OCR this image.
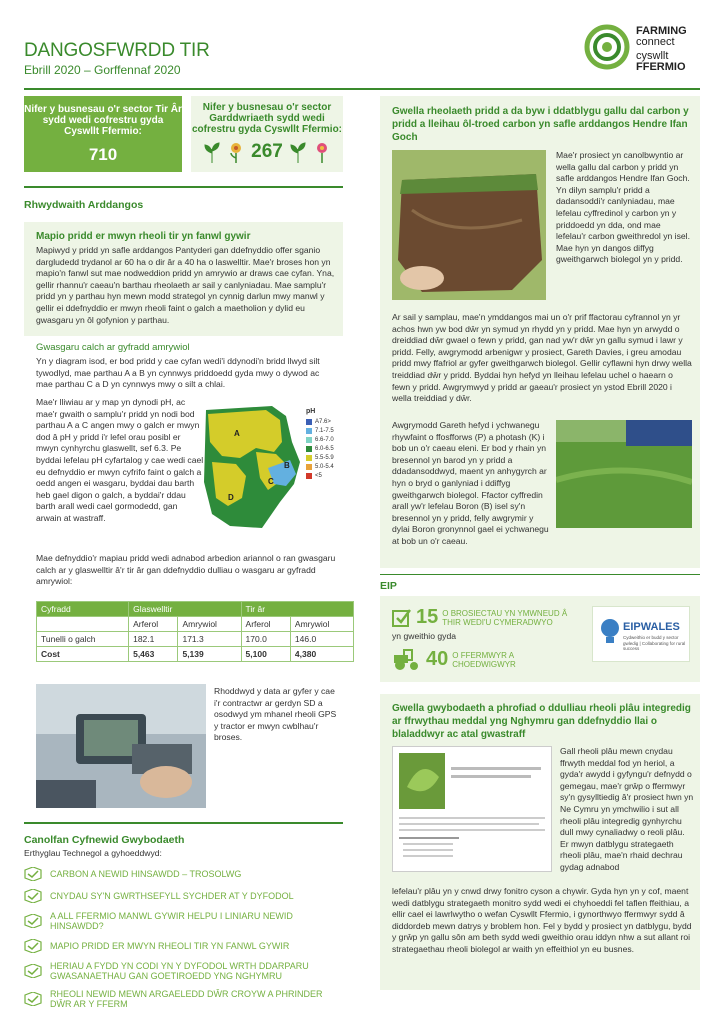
DANGOSFWRDD TIR
Ebrill 2020 – Gorffennaf 2020
FARMING
connect
cyswllt
FFERMIO
Nifer y busnesau o'r sector Tir Âr sydd wedi cofrestru gyda Cyswllt Ffermio:
710
Nifer y busnesau o'r sector Garddwriaeth sydd wedi cofrestru gyda Cyswllt Ffermio:
267
Rhwydwaith Arddangos
Mapio pridd er mwyn rheoli tir yn fanwl gywir
Mapiwyd y pridd yn safle arddangos Pantyderi gan ddefnyddio offer sganio dargludedd trydanol ar 60 ha o dir âr a 40 ha o laswelltir. Mae'r broses hon yn mapio'n fanwl sut mae nodweddion pridd yn amrywio ar draws cae cyfan. Yna, gellir rhannu'r caeau'n barthau rheolaeth ar sail y canlyniadau. Mae samplu'r pridd yn y parthau hyn mewn modd strategol yn cynnig darlun mwy manwl y gellir ei ddefnyddio er mwyn rheoli faint o galch a maetholion y dylid eu gwasgaru yn ôl gofynion y parthau.
Gwasgaru calch ar gyfradd amrywiol
Yn y diagram isod, er bod pridd y cae cyfan wedi'i ddynodi'n bridd llwyd silt tywodlyd, mae parthau A a B yn cynnwys priddoedd gyda mwy o dywod ac mae parthau C a D yn cynnwys mwy o silt a chlai.
Mae'r lliwiau ar y map yn dynodi pH, ac mae'r gwaith o samplu'r pridd yn nodi bod parthau A a C angen mwy o galch er mwyn dod â pH y pridd i'r lefel orau posibl er mwyn cynhyrchu glaswellt, sef 6.3. Pe byddai lefelau pH cyfartalog y cae wedi cael eu defnyddio er mwyn cyfrifo faint o galch a oedd angen ei wasgaru, byddai dau barth heb gael digon o galch, a byddai'r ddau barth arall wedi cael gormodedd, gan arwain at wastraff.
A
B
C
D
pH
A7.6>
7.1-7.5
6.6-7.0
6.0-6.5
5.5-5.9
5.0-5.4
<5
Mae defnyddio'r mapiau pridd wedi adnabod arbedion ariannol o ran gwasgaru calch ar y glaswelltir â'r tir âr gan ddefnyddio dulliau o wasgaru ar gyfradd amrywiol:
Cyfradd	Glaswelltir		Tir âr	
	Arferol	Amrywiol	Arferol	Amrywiol
Tunelli o galch	182.1	171.3	170.0	146.0
Cost	5,463	5,139	5,100	4,380
Rhoddwyd y data ar gyfer y cae i'r contractwr ar gerdyn SD a osodwyd ym mhanel rheoli GPS y tractor er mwyn cwblhau'r broses.
Canolfan Cyfnewid Gwybodaeth
Erthyglau Technegol a gyhoeddwyd:
CARBON A NEWID HINSAWDD – TROSOLWG
CNYDAU SY'N GWRTHSEFYLL SYCHDER AT Y DYFODOL
A ALL FFERMIO MANWL GYWIR HELPU I LINIARU NEWID HINSAWDD?
MAPIO PRIDD ER MWYN RHEOLI TIR YN FANWL GYWIR
HERIAU A FYDD YN CODI YN Y DYFODOL WRTH DDARPARU GWASANAETHAU GAN GOETIROEDD YNG NGHYMRU
RHEOLI NEWID MEWN ARGAELEDD DŴR CROYW A PHRINDER DŴR AR Y FFERM
Gwella rheolaeth pridd a da byw i ddatblygu gallu dal carbon y pridd a lleihau ôl-troed carbon yn safle arddangos Hendre Ifan Goch
Mae'r prosiect yn canolbwyntio ar wella gallu dal carbon y pridd yn safle arddangos Hendre Ifan Goch. Yn dilyn samplu'r pridd a dadansoddi'r canlyniadau, mae lefelau cyffredinol y carbon yn y priddoedd yn dda, ond mae lefelau'r carbon gweithredol yn isel. Mae hyn yn dangos diffyg gweithgarwch biolegol yn y pridd.
Ar sail y samplau, mae'n ymddangos mai un o'r prif ffactorau cyfrannol yn yr achos hwn yw bod dŵr yn symud yn rhydd yn y pridd. Mae hyn yn arwydd o dreiddiad dŵr gwael o fewn y pridd, gan nad yw'r dŵr yn gallu symud i lawr y pridd. Felly, awgrymodd arbenigwr y prosiect, Gareth Davies, i greu amodau pridd mwy ffafriol ar gyfer gweithgarwch biolegol. Gellir cyflawni hyn drwy wella treiddiad dŵr y pridd. Byddai hyn hefyd yn lleihau lefelau uchel o haearn o fewn y pridd. Awgrymwyd y pridd ar gaeau'r prosiect yn ystod Ebrill 2020 i wella treiddiad y dŵr.
Awgrymodd Gareth hefyd i ychwanegu rhywfaint o ffosfforws (P) a photash (K) i bob un o'r caeau eleni. Er bod y rhain yn bresennol yn barod yn y pridd a ddadansoddwyd, maent yn anhygyrch ar hyn o bryd o ganlyniad i ddiffyg gweithgarwch biolegol. Ffactor cyffredin arall yw'r lefelau Boron (B) isel sy'n bresennol yn y pridd, felly awgrymir y dylai Boron gronynnol gael ei ychwanegu at bob un o'r caeau.
EIP
15 O BROSIECTAU YN YMWNEUD Â THIR WEDI'U CYMERADWYO
yn gweithio gyda
40 O FFERMWYR A CHOEDWIGWYR
EIPWALES
Cydweithio er budd y sector gwledig | Collaborating for rural success
Gwella gwybodaeth a phrofiad o ddulliau rheoli plâu integredig ar ffrwythau meddal yng Nghymru gan ddefnyddio llai o blaladdwyr ac atal gwastraff
Gall rheoli plâu mewn cnydau ffrwyth meddal fod yn heriol, a gyda'r awydd i gyfyngu'r defnydd o gemegau, mae'r grŵp o ffermwyr sy'n gysylltiedig â'r prosiect hwn yn Ne Cymru yn ymchwilio i sut all rheoli plâu integredig gynhyrchu dull mwy cynaliadwy o reoli plâu. Er mwyn datblygu strategaeth rheoli plâu, mae'n rhaid dechrau gydag adnabod
lefelau'r plâu yn y cnwd drwy fonitro cyson a chywir. Gyda hyn yn y cof, maent wedi datblygu strategaeth monitro sydd wedi ei chyhoeddi fel taflen ffeithiau, a ellir cael ei lawrlwytho o wefan Cyswllt Ffermio, i gynorthwyo ffermwyr sydd â diddordeb mewn datrys y broblem hon. Fel y bydd y prosiect yn datblygu, bydd y grŵp yn gallu sôn am beth sydd wedi gweithio orau iddyn nhw a sut allant roi strategaethau rheoli biolegol ar waith yn effeithiol yn eu busnes.
